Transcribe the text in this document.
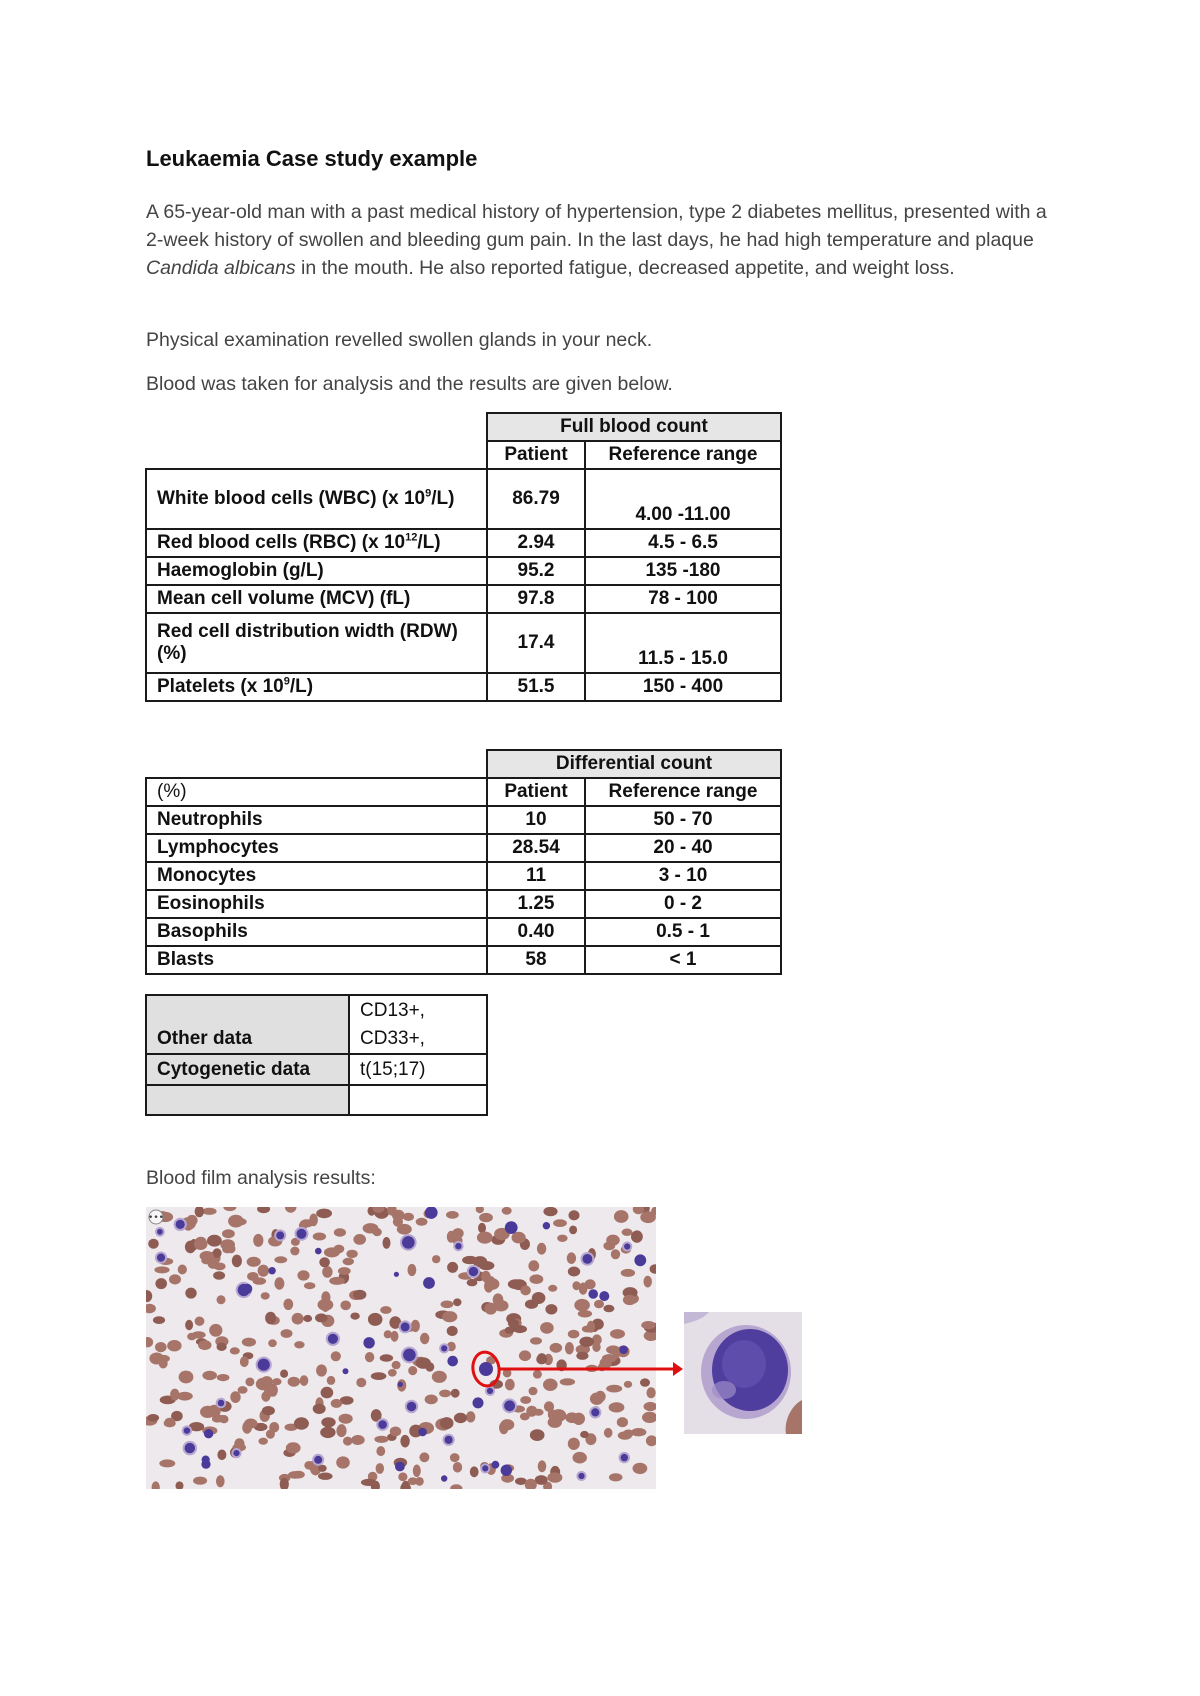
Leukaemia Case study example
A 65-year-old man with a past medical history of hypertension, type 2 diabetes mellitus, presented with a 2-week history of swollen and bleeding gum pain. In the last days, he had high temperature and plaque Candida albicans in the mouth. He also reported fatigue, decreased appetite, and weight loss.
Physical examination revelled swollen glands in your neck.
Blood was taken for analysis and the results are given below.
	Full blood count	
	Patient	Reference range
White blood cells (WBC) (x $10^9/L$)	86.79	4.00 -11.00
Red blood cells (RBC) (x $10^{12}/L$)	2.94	4.5 - 6.5
Haemoglobin (g/L)	95.2	135 -180
Mean cell volume (MCV) (fL)	97.8	78 - 100
Red cell distribution width (RDW) (%)	17.4	11.5 - 15.0
Platelets (x $10^9/L$)	51.5	150 - 400
	Differential count	
(%)	Patient	Reference range
Neutrophils	10	50 - 70
Lymphocytes	28.54	20 - 40
Monocytes	11	3 - 10
Eosinophils	1.25	0 - 2
Basophils	0.40	0.5 - 1
Blasts	58	< 1
Other data	CD13+,
CD33+,

Cytogenetic data	t(15;17)

Blood film analysis results:
•••
